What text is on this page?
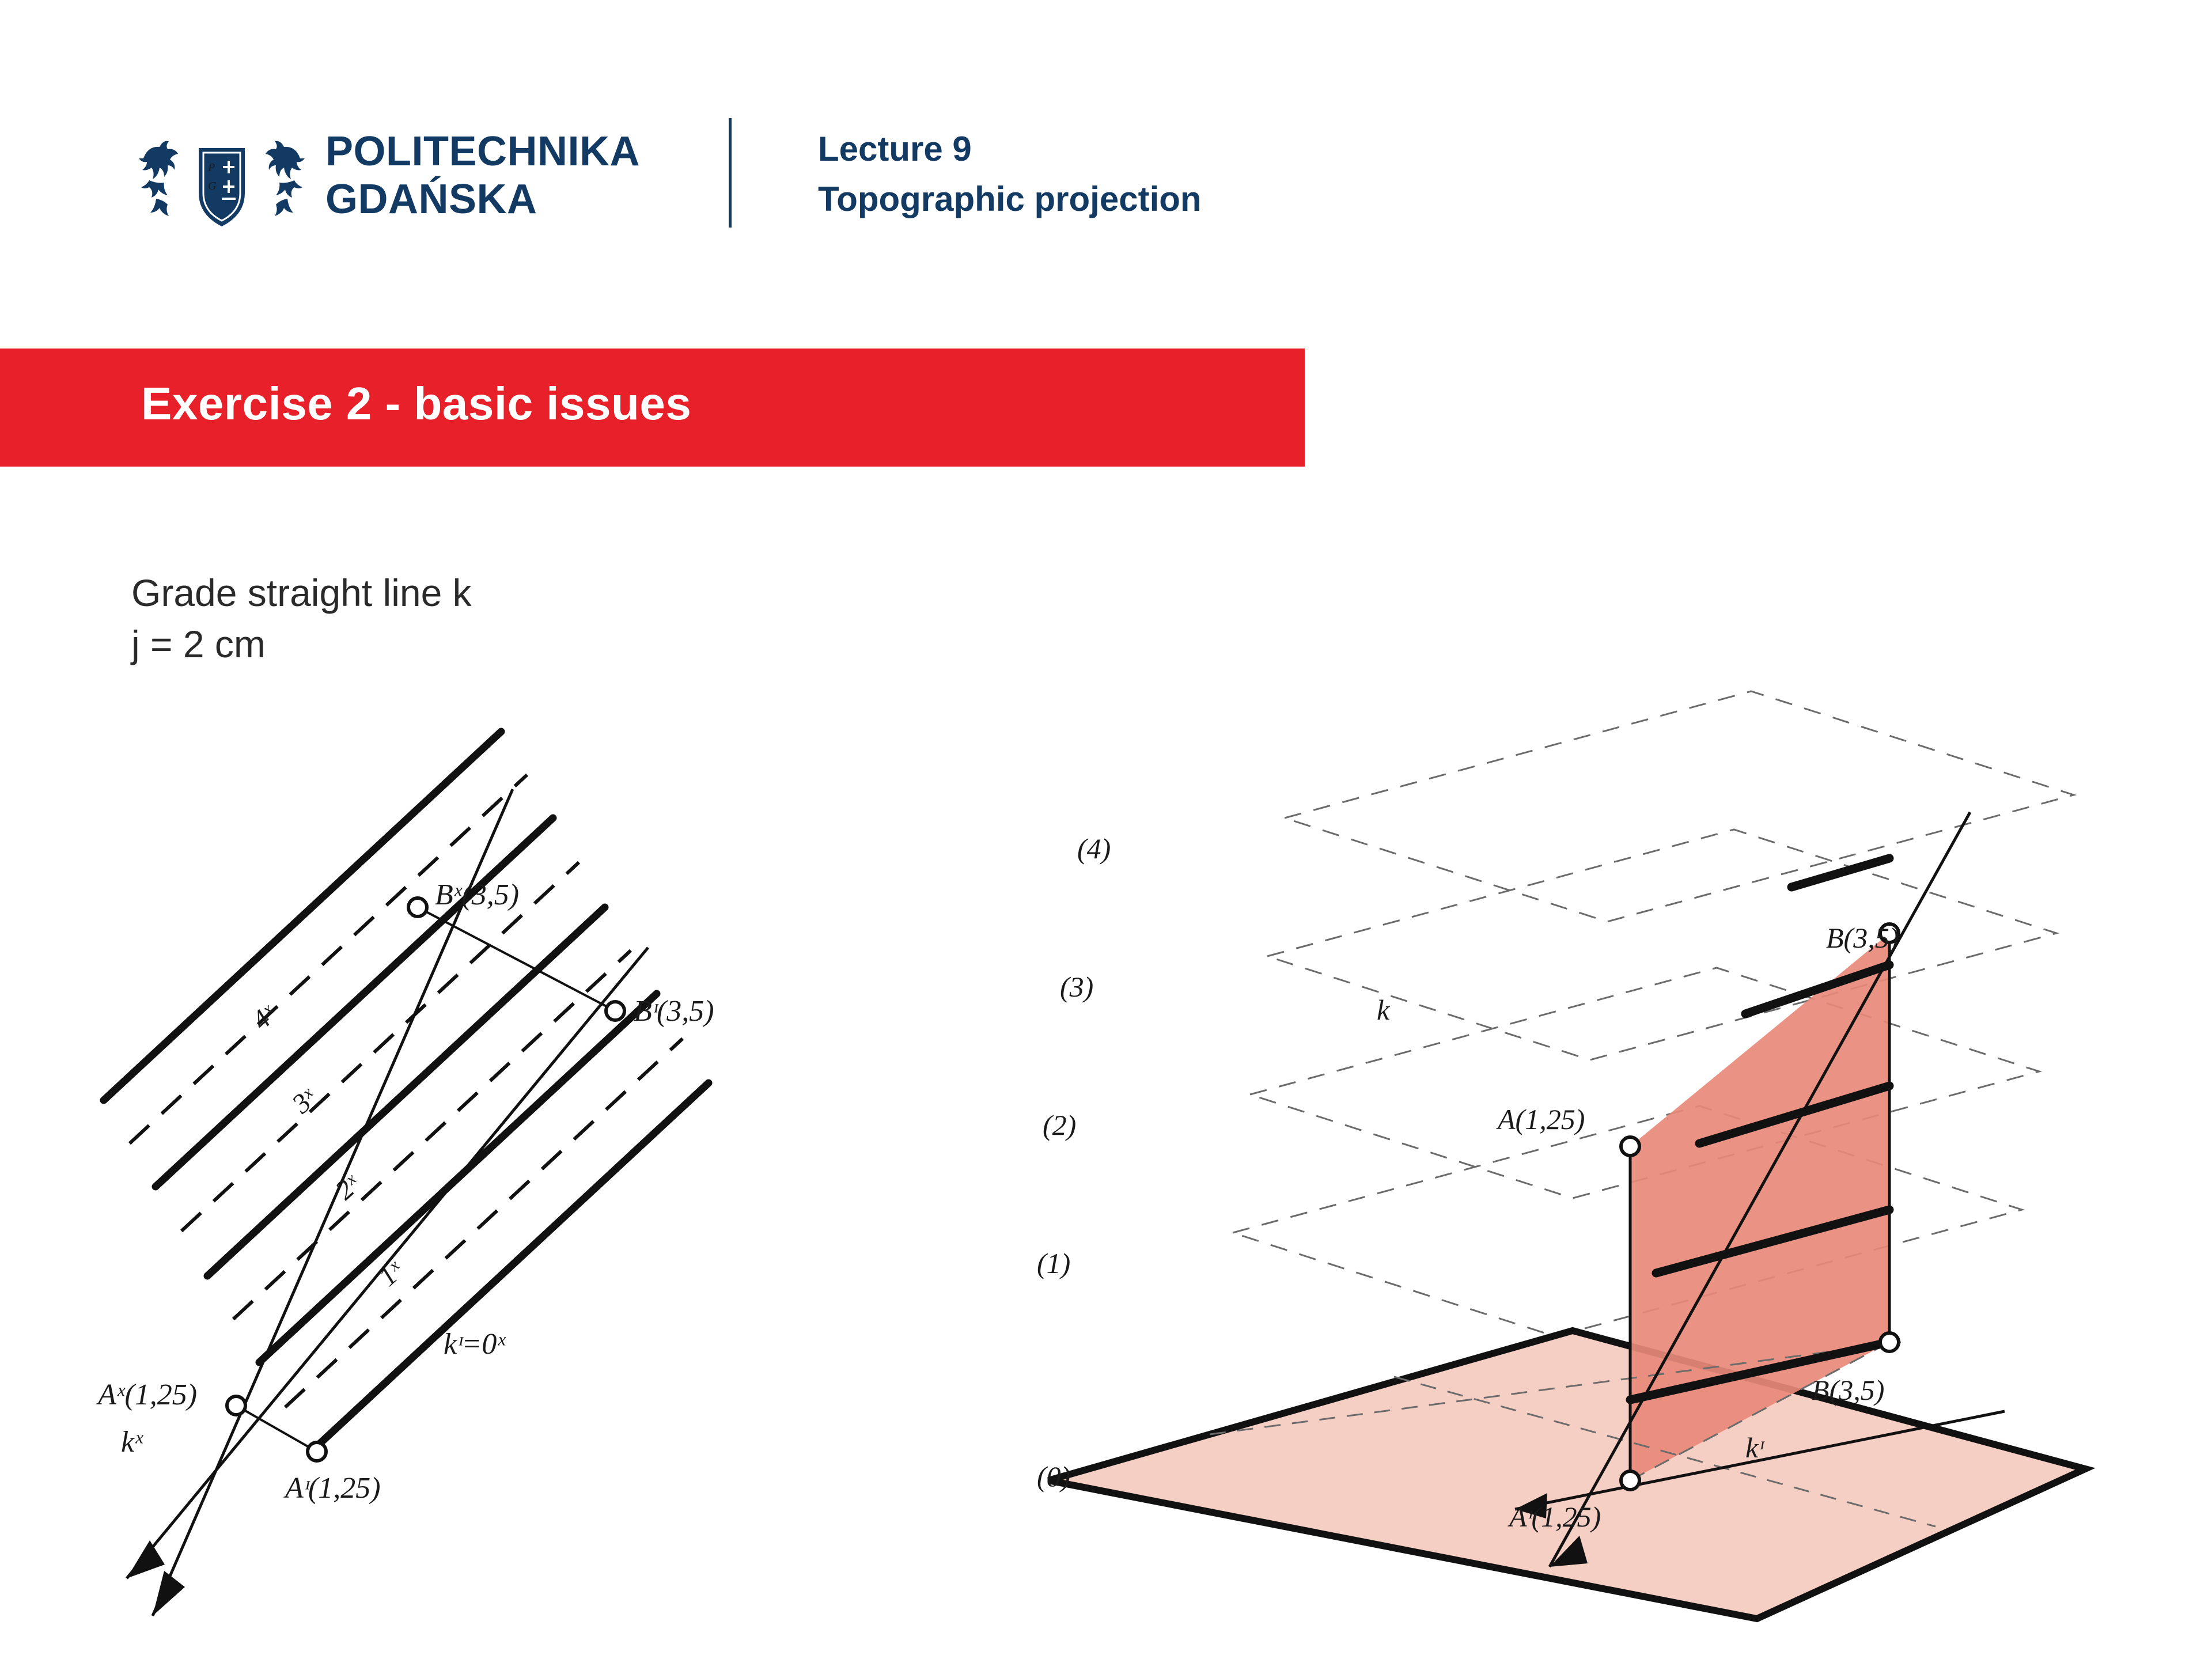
P
G
POLITECHNIKA
GDAŃSKA
Lecture 9
Topographic projection
Exercise 2 - basic issues
Grade straight line k
j = 2 cm
Bˣ(3,5)
Bᶦ(3,5)
Aˣ(1,25)
Aᶦ(1,25)
kˣ
kᶦ=0ˣ
4ˣ
3ˣ
2ˣ
1ˣ
(4)
(3)
(2)
(1)
(0)
B(3,5)
B(3,5)
A(1,25)
Aᶦ(1,25)
k
kᶦ
